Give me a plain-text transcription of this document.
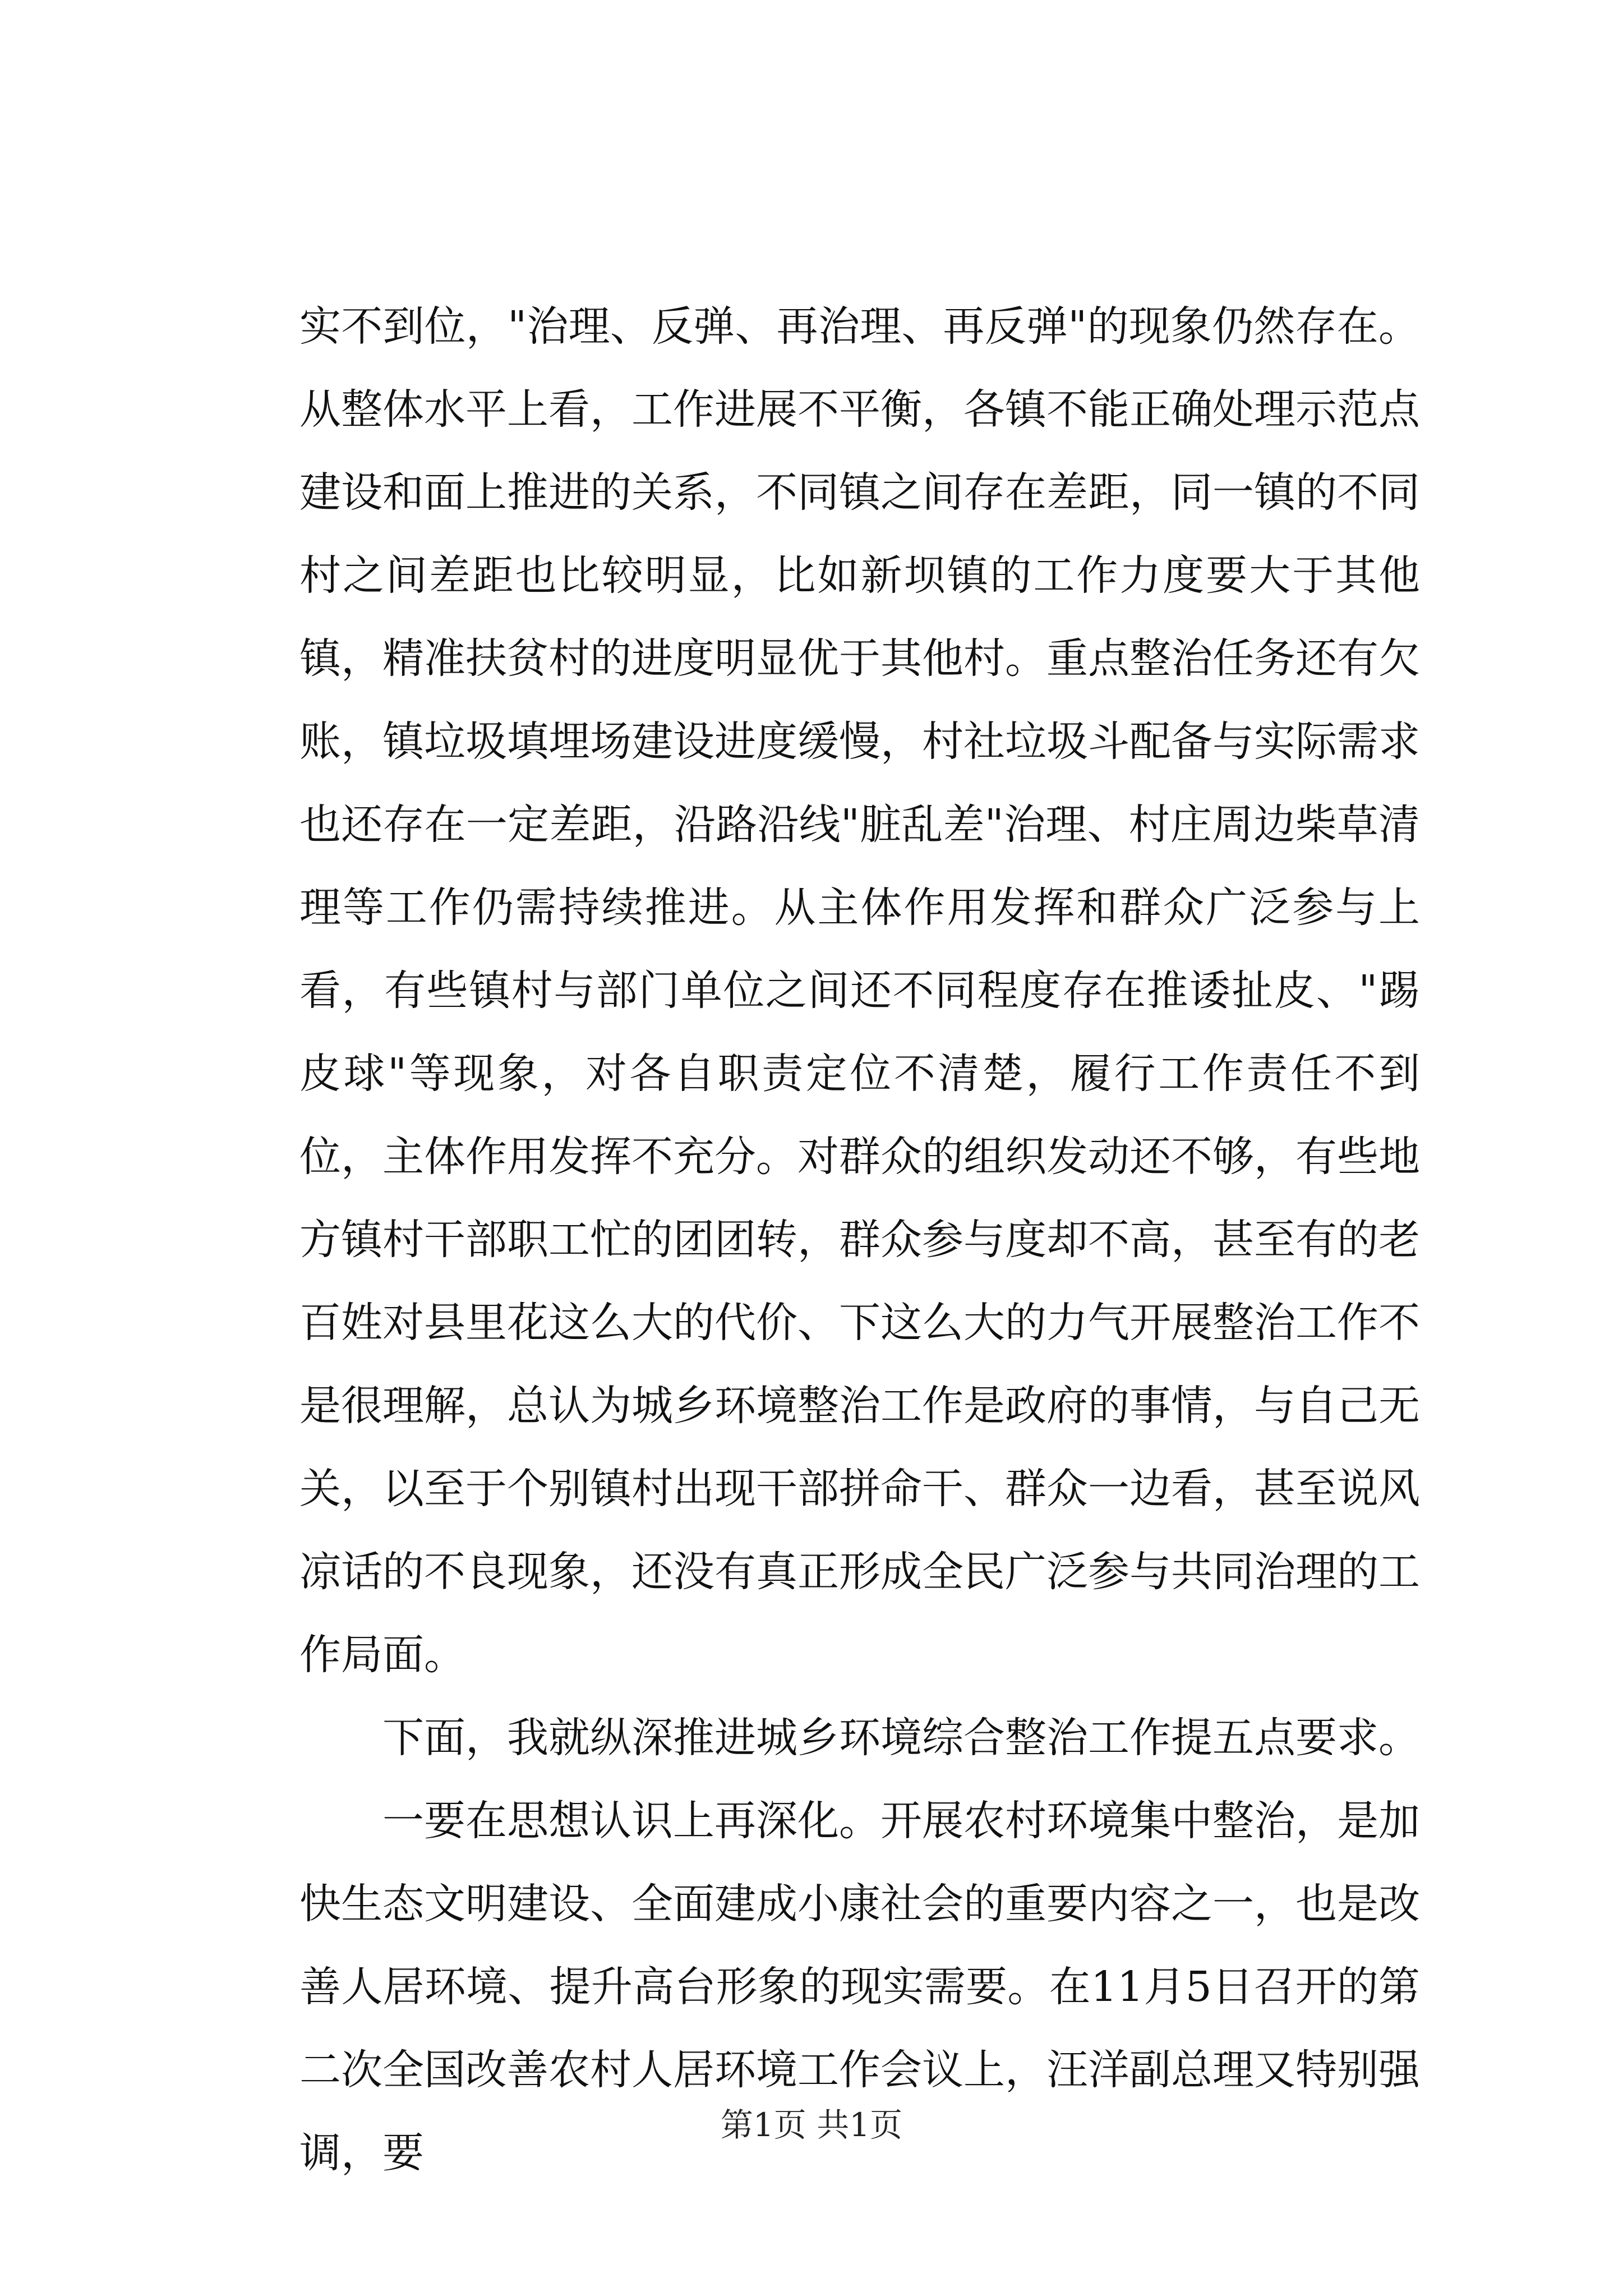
实不到位，"治理、反弹、再治理、再反弹"的现象仍然存在。从整体水平上看，工作进展不平衡，各镇不能正确处理示范点建设和面上推进的关系，不同镇之间存在差距，同一镇的不同村之间差距也比较明显，比如新坝镇的工作力度要大于其他镇，精准扶贫村的进度明显优于其他村。重点整治任务还有欠账，镇垃圾填埋场建设进度缓慢，村社垃圾斗配备与实际需求也还存在一定差距，沿路沿线"脏乱差"治理、村庄周边柴草清理等工作仍需持续推进。从主体作用发挥和群众广泛参与上看，有些镇村与部门单位之间还不同程度存在推诿扯皮、"踢皮球"等现象，对各自职责定位不清楚，履行工作责任不到位，主体作用发挥不充分。对群众的组织发动还不够，有些地方镇村干部职工忙的团团转，群众参与度却不高，甚至有的老百姓对县里花这么大的代价、下这么大的力气开展整治工作不是很理解，总认为城乡环境整治工作是政府的事情，与自己无关，以至于个别镇村出现干部拼命干、群众一边看，甚至说风凉话的不良现象，还没有真正形成全民广泛参与共同治理的工作局面。

下面，我就纵深推进城乡环境综合整治工作提五点要求。

一要在思想认识上再深化。开展农村环境集中整治，是加快生态文明建设、全面建成小康社会的重要内容之一，也是改善人居环境、提升高台形象的现实需要。在11月5日召开的第二次全国改善农村人居环境工作会议上，汪洋副总理又特别强调，要

第1页 共1页
